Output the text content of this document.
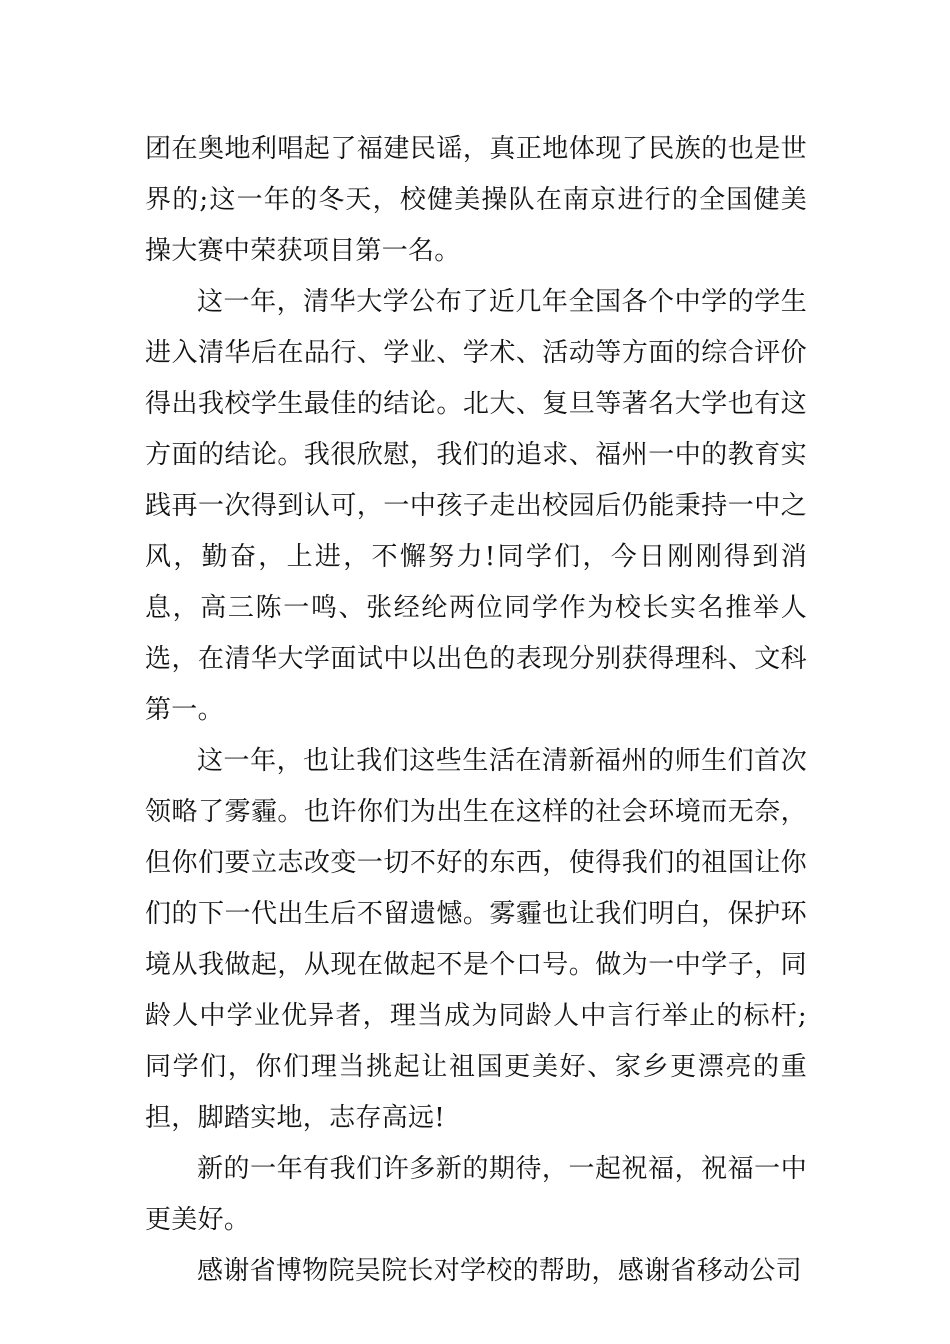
团在奥地利唱起了福建民谣，真正地体现了民族的也是世界的;这一年的冬天，校健美操队在南京进行的全国健美操大赛中荣获项目第一名。

这一年，清华大学公布了近几年全国各个中学的学生进入清华后在品行、学业、学术、活动等方面的综合评价得出我校学生最佳的结论。北大、复旦等著名大学也有这方面的结论。我很欣慰，我们的追求、福州一中的教育实践再一次得到认可，一中孩子走出校园后仍能秉持一中之风，勤奋，上进，不懈努力!同学们，今日刚刚得到消息，高三陈一鸣、张经纶两位同学作为校长实名推举人选，在清华大学面试中以出色的表现分别获得理科、文科第一。

这一年，也让我们这些生活在清新福州的师生们首次领略了雾霾。也许你们为出生在这样的社会环境而无奈，但你们要立志改变一切不好的东西，使得我们的祖国让你们的下一代出生后不留遗憾。雾霾也让我们明白，保护环境从我做起，从现在做起不是个口号。做为一中学子，同龄人中学业优异者，理当成为同龄人中言行举止的标杆;同学们，你们理当挑起让祖国更美好、家乡更漂亮的重担，脚踏实地，志存高远!

新的一年有我们许多新的期待，一起祝福，祝福一中更美好。

感谢省博物院吴院长对学校的帮助，感谢省移动公司
